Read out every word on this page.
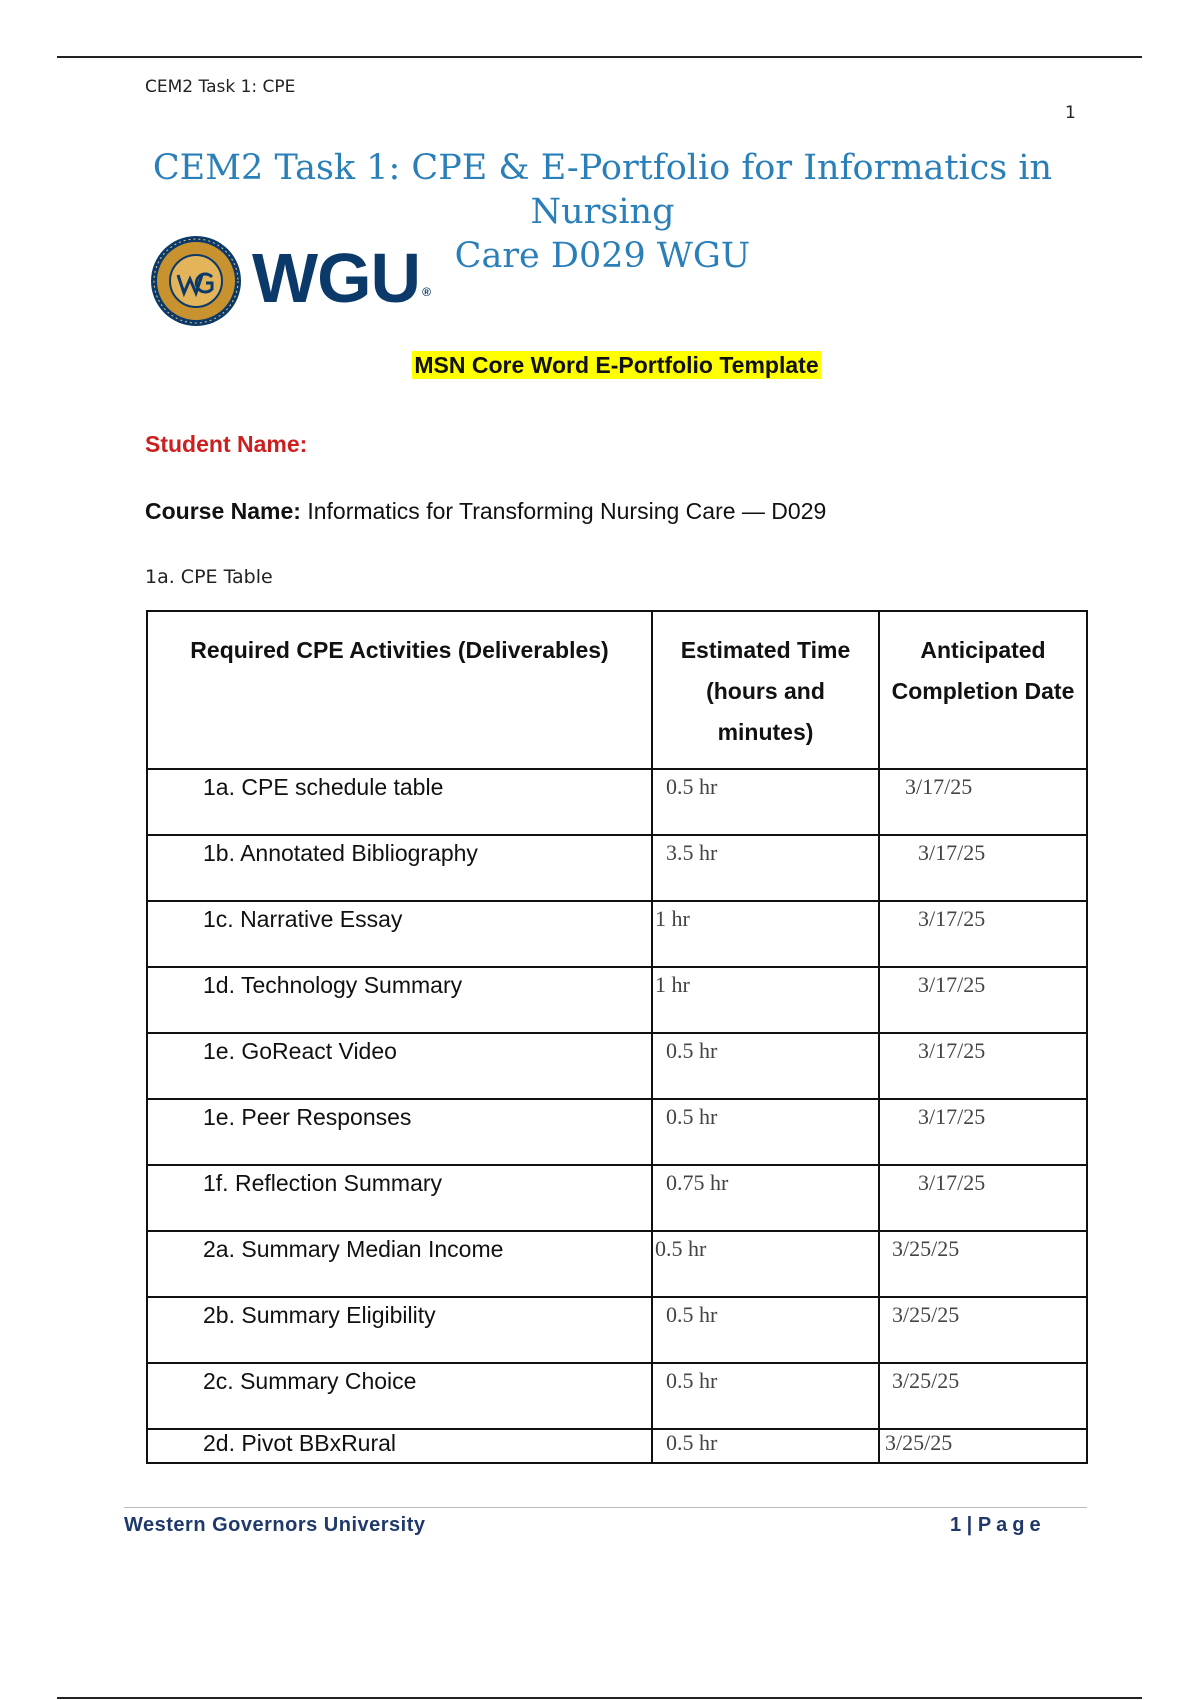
CEM2 Task 1: CPE
1
CEM2 Task 1: CPE & E-Portfolio for Informatics in Nursing
Care D029 WGU
WGU ®
MSN Core Word E-Portfolio Template
Student Name:
Course Name: Informatics for Transforming Nursing Care — D029
1a. CPE Table
Required CPE Activities (Deliverables)	Estimated Time (hours and minutes)	Anticipated Completion Date
1a. CPE schedule table	0.5 hr	3/17/25
1b. Annotated Bibliography	3.5 hr	3/17/25
1c. Narrative Essay	1 hr	3/17/25
1d. Technology Summary	1 hr	3/17/25
1e. GoReact Video	0.5 hr	3/17/25
1e. Peer Responses	0.5 hr	3/17/25
1f. Reflection Summary	0.75 hr	3/17/25
2a. Summary Median Income	0.5 hr	3/25/25
2b. Summary Eligibility	0.5 hr	3/25/25
2c. Summary Choice	0.5 hr	3/25/25
2d. Pivot BBxRural	0.5 hr	3/25/25
Western Governors University	1 | Page
